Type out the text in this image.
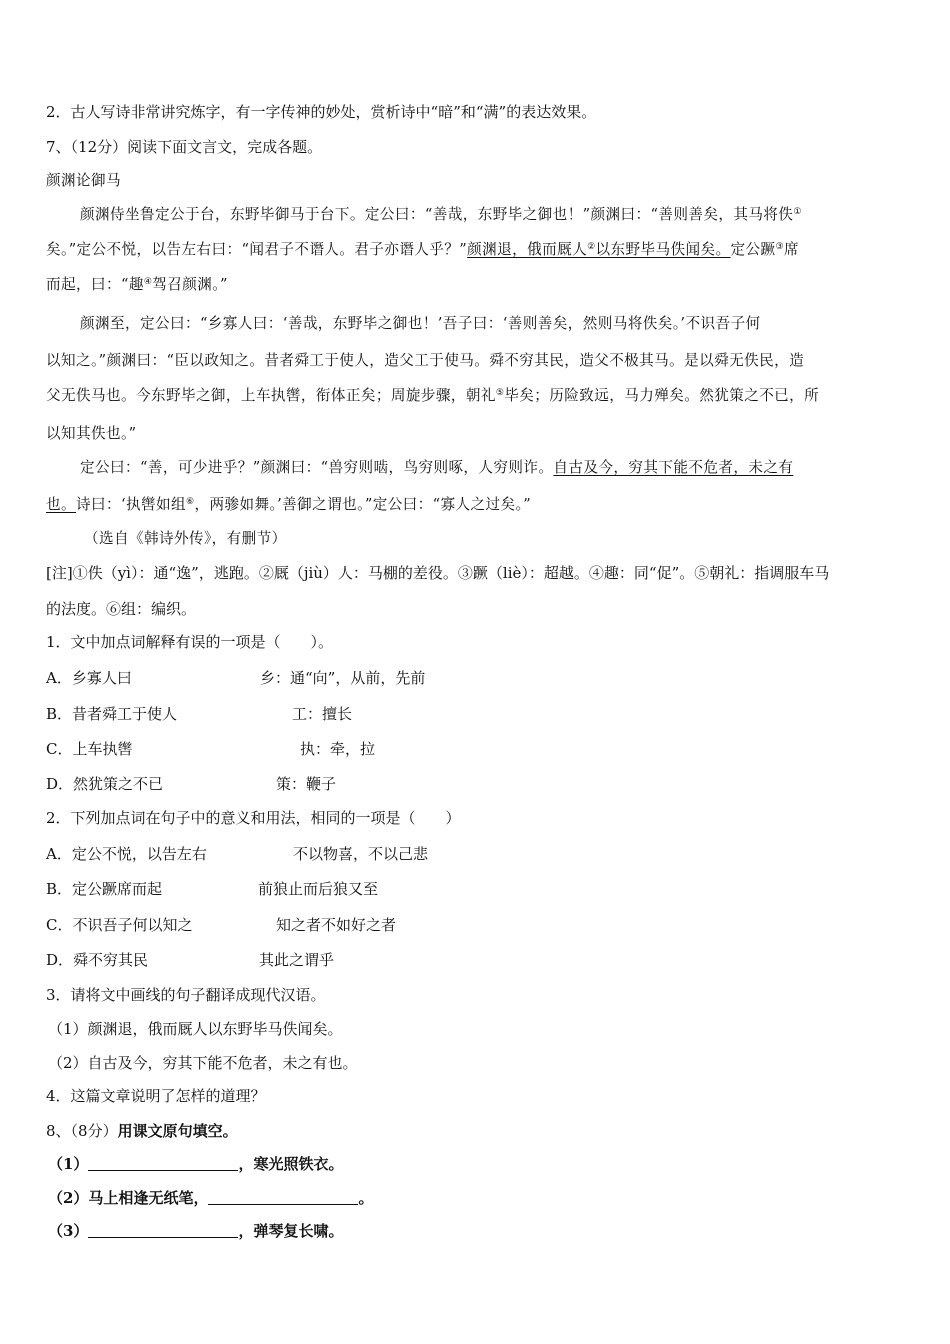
2．古人写诗非常讲究炼字，有一字传神的妙处，赏析诗中“暗”和“满”的表达效果。
7、（12分）阅读下面文言文，完成各题。
颜渊论御马
颜渊侍坐鲁定公于台，东野毕御马于台下。定公曰：“善哉，东野毕之御也！”颜渊曰：“善则善矣，其马将佚①
矣。”定公不悦，以告左右曰：“闻君子不谮人。君子亦谮人乎？”颜渊退，俄而厩人②以东野毕马佚闻矣。定公蹶③席
而起，曰：“趣④驾召颜渊。”
颜渊至，定公曰：“乡寡人曰：‘善哉，东野毕之御也！’吾子曰：‘善则善矣，然则马将佚矣。’不识吾子何
以知之。”颜渊曰：“臣以政知之。昔者舜工于使人，造父工于使马。舜不穷其民，造父不极其马。是以舜无佚民，造
父无佚马也。今东野毕之御，上车执辔，衔体正矣；周旋步骤，朝礼⑤毕矣；历险致远，马力殚矣。然犹策之不已，所
以知其佚也。”
定公曰：“善，可少进乎？”颜渊曰：“兽穷则啮，鸟穷则啄，人穷则诈。自古及今，穷其下能不危者，未之有
也。诗曰：‘执辔如组⑥，两骖如舞。’善御之谓也。”定公曰：“寡人之过矣。”
（选自《韩诗外传》，有删节）
[注]①佚（yì）：通“逸”，逃跑。②厩（jiù）人：马棚的差役。③蹶（liè）：超越。④趣：同“促”。⑤朝礼：指调服车马
的法度。⑥组：编织。
1．文中加点词解释有误的一项是（　　）。
A．乡寡人曰	乡：通“向”，从前，先前
B．昔者舜工于使人	工：擅长
C．上车执辔	执：牵，拉
D．然犹策之不已	策：鞭子
2．下列加点词在句子中的意义和用法，相同的一项是（　　）
A．定公不悦，以告左右	不以物喜，不以己悲
B．定公蹶席而起	前狼止而后狼又至
C．不识吾子何以知之	知之者不如好之者
D．舜不穷其民	其此之谓乎
3．请将文中画线的句子翻译成现代汉语。
（1）颜渊退，俄而厩人以东野毕马佚闻矣。
（2）自古及今，穷其下能不危者，未之有也。
4．这篇文章说明了怎样的道理？
8、（8分）用课文原句填空。
（1）	，寒光照铁衣。
（2）马上相逢无纸笔，	。
（3）	，弹琴复长啸。
